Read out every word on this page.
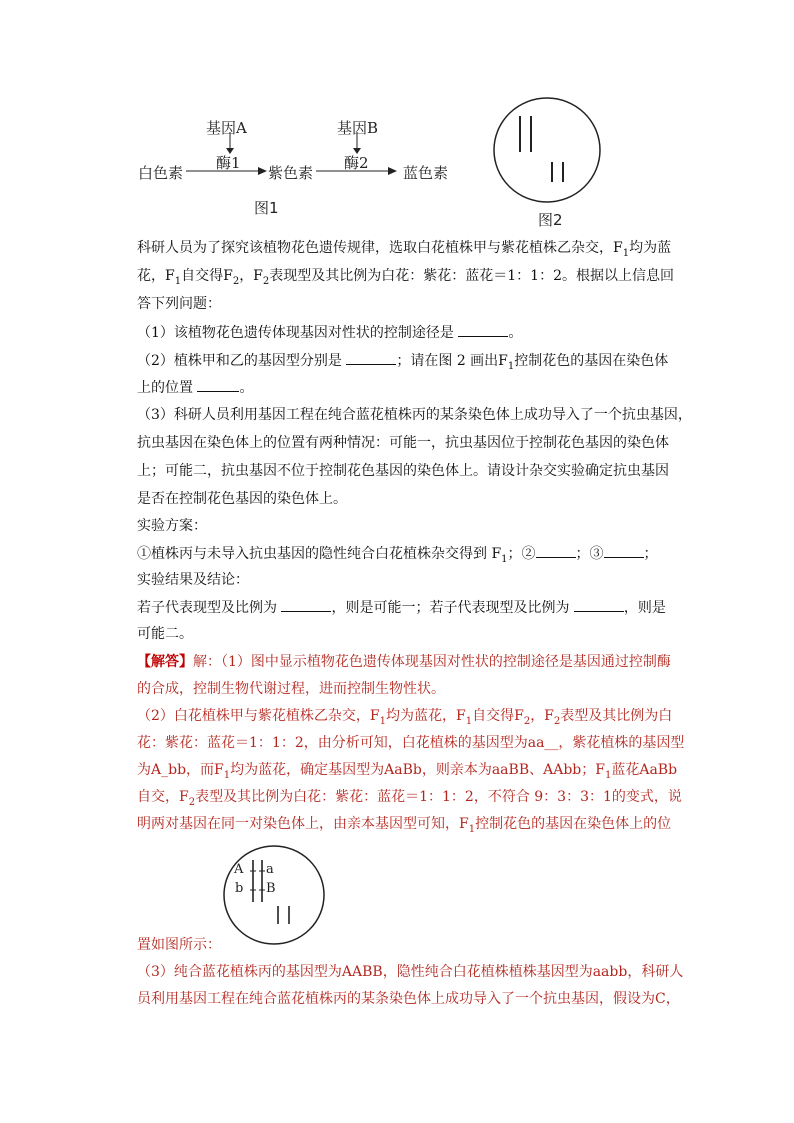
基因A	基因B
酶1	酶2
白色素	紫色素	蓝色素
图1
图2
科研人员为了探究该植物花色遗传规律，选取白花植株甲与紫花植株乙杂交，$F_1$均为蓝
花，$F_1$自交得$F_2$，$F_2$表现型及其比例为白花：紫花：蓝花＝1：1：2。根据以上信息回
答下列问题：
（1）该植物花色遗传体现基因对性状的控制途径是	。
（2）植株甲和乙的基因型分别是	；请在图 2 画出$F_1$控制花色的基因在染色体
上的位置	。
（3）科研人员利用基因工程在纯合蓝花植株丙的某条染色体上成功导入了一个抗虫基因，
抗虫基因在染色体上的位置有两种情况：可能一，抗虫基因位于控制花色基因的染色体
上；可能二，抗虫基因不位于控制花色基因的染色体上。请设计杂交实验确定抗虫基因
是否在控制花色基因的染色体上。
实验方案：
①植株丙与未导入抗虫基因的隐性纯合白花植株杂交得到 $F_1$；②	；③	；
实验结果及结论：
若子代表现型及比例为	，则是可能一；若子代表现型及比例为	，则是
可能二。
【解答】解：（1）图中显示植物花色遗传体现基因对性状的控制途径是基因通过控制酶
的合成，控制生物代谢过程，进而控制生物性状。
（2）白花植株甲与紫花植株乙杂交，$F_1$均为蓝花，$F_1$自交得$F_2$，$F_2$表型及其比例为白
花：紫花：蓝花＝1：1：2，由分析可知，白花植株的基因型为aa__，紫花植株的基因型
为A_bb，而$F_1$均为蓝花，确定基因型为AaBb，则亲本为aaBB、AAbb；$F_1$蓝花AaBb
自交，$F_2$表型及其比例为白花：紫花：蓝花＝1：1：2，不符合 9：3：3：1的变式，说
明两对基因在同一对染色体上，由亲本基因型可知，$F_1$控制花色的基因在染色体上的位
A a
b B
置如图所示：
（3）纯合蓝花植株丙的基因型为AABB，隐性纯合白花植株植株基因型为aabb，科研人
员利用基因工程在纯合蓝花植株丙的某条染色体上成功导入了一个抗虫基因，假设为C，
